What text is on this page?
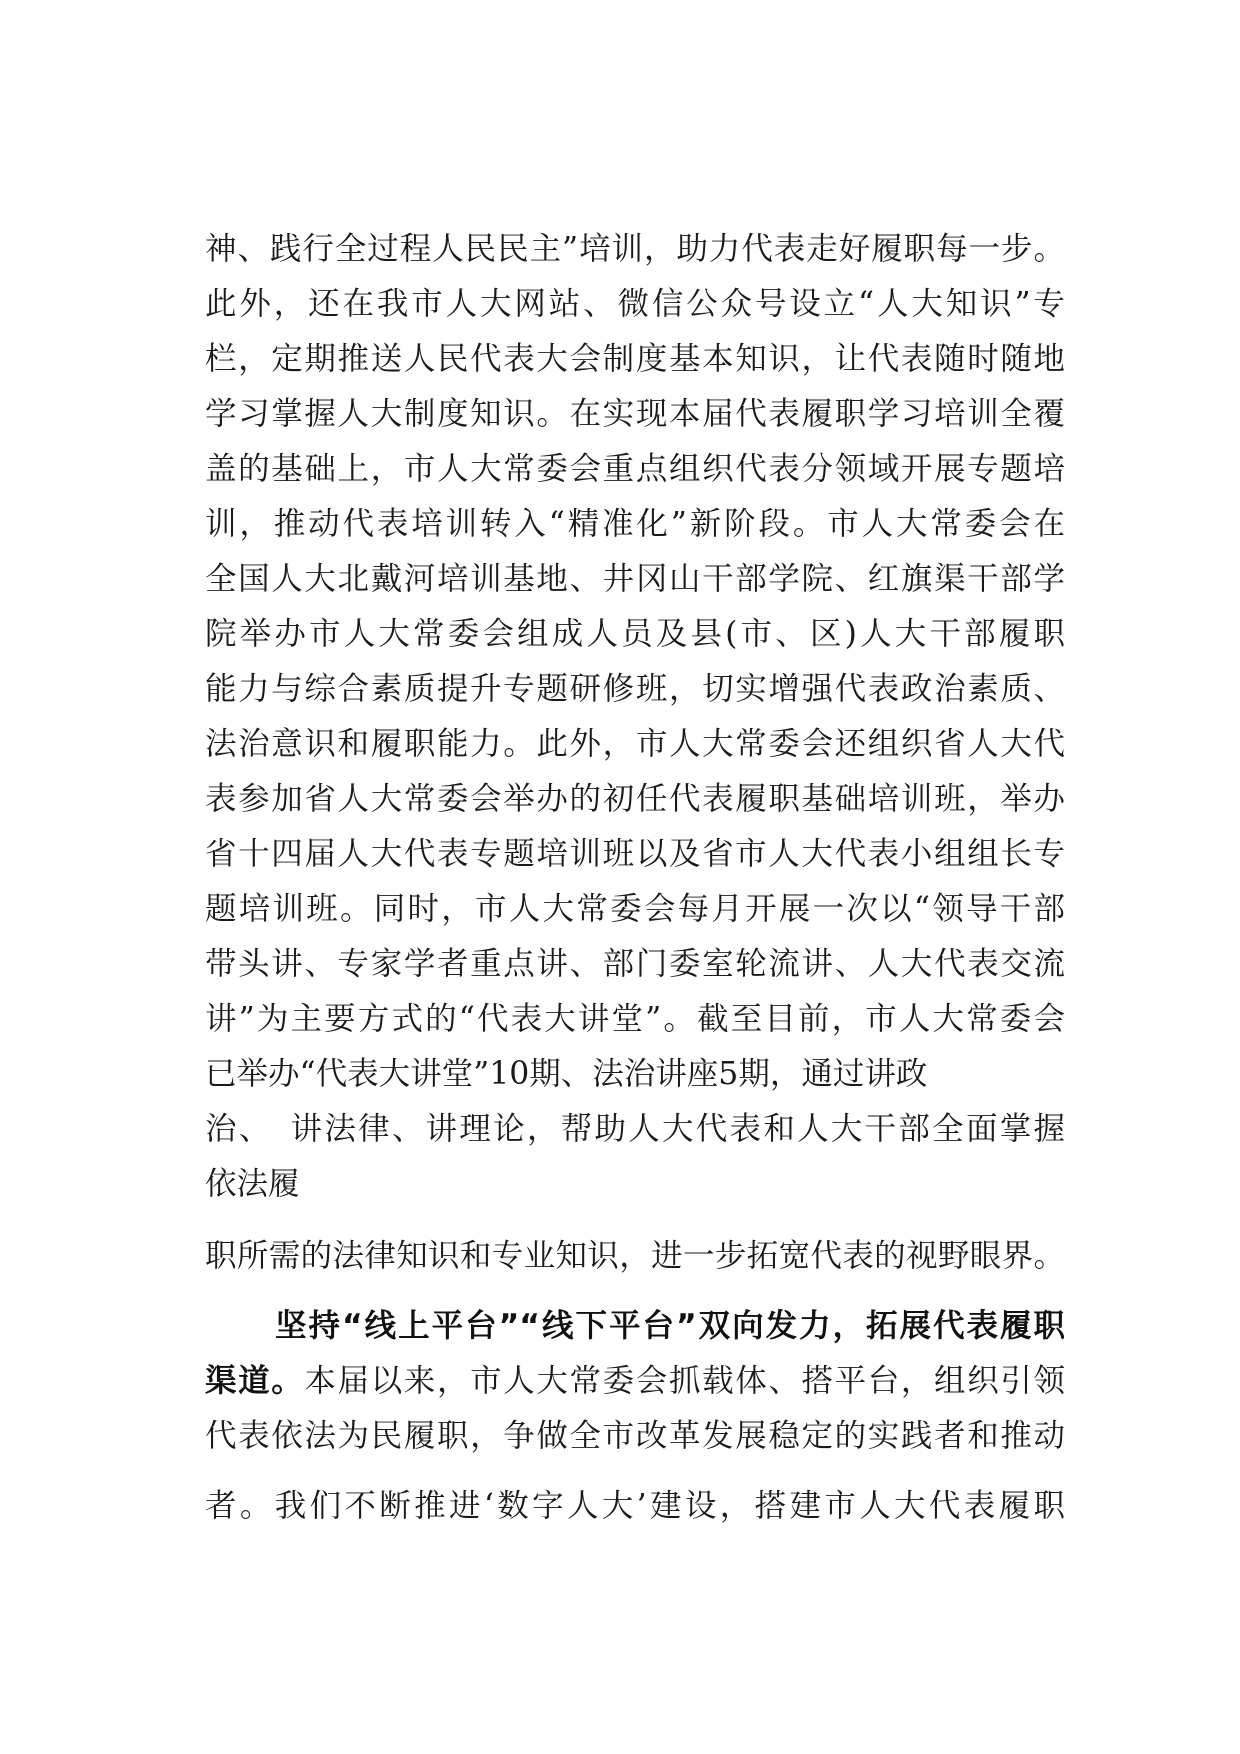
神、践行全过程人民民主”培训，助力代表走好履职每一步。
此外，还在我市人大网站、微信公众号设立“人大知识”专
栏，定期推送人民代表大会制度基本知识，让代表随时随地
学习掌握人大制度知识。在实现本届代表履职学习培训全覆
盖的基础上，市人大常委会重点组织代表分领域开展专题培
训，推动代表培训转入“精准化”新阶段。市人大常委会在
全国人大北戴河培训基地、井冈山干部学院、红旗渠干部学
院举办市人大常委会组成人员及县(市、区)人大干部履职
能力与综合素质提升专题研修班，切实增强代表政治素质、
法治意识和履职能力。此外，市人大常委会还组织省人大代
表参加省人大常委会举办的初任代表履职基础培训班，举办
省十四届人大代表专题培训班以及省市人大代表小组组长专
题培训班。同时，市人大常委会每月开展一次以“领导干部
带头讲、专家学者重点讲、部门委室轮流讲、人大代表交流
讲”为主要方式的“代表大讲堂”。截至目前，市人大常委会
已举办“代表大讲堂”10期、法治讲座5期，通过讲政
治、　讲法律、讲理论，帮助人大代表和人大干部全面掌握
依法履
职所需的法律知识和专业知识，进一步拓宽代表的视野眼界。
坚持“线上平台”“线下平台”双向发力，拓展代表履职
渠道。本届以来，市人大常委会抓载体、搭平台，组织引领
代表依法为民履职，争做全市改革发展稳定的实践者和推动
者。我们不断推进‘数字人大’建设，搭建市人大代表履职
